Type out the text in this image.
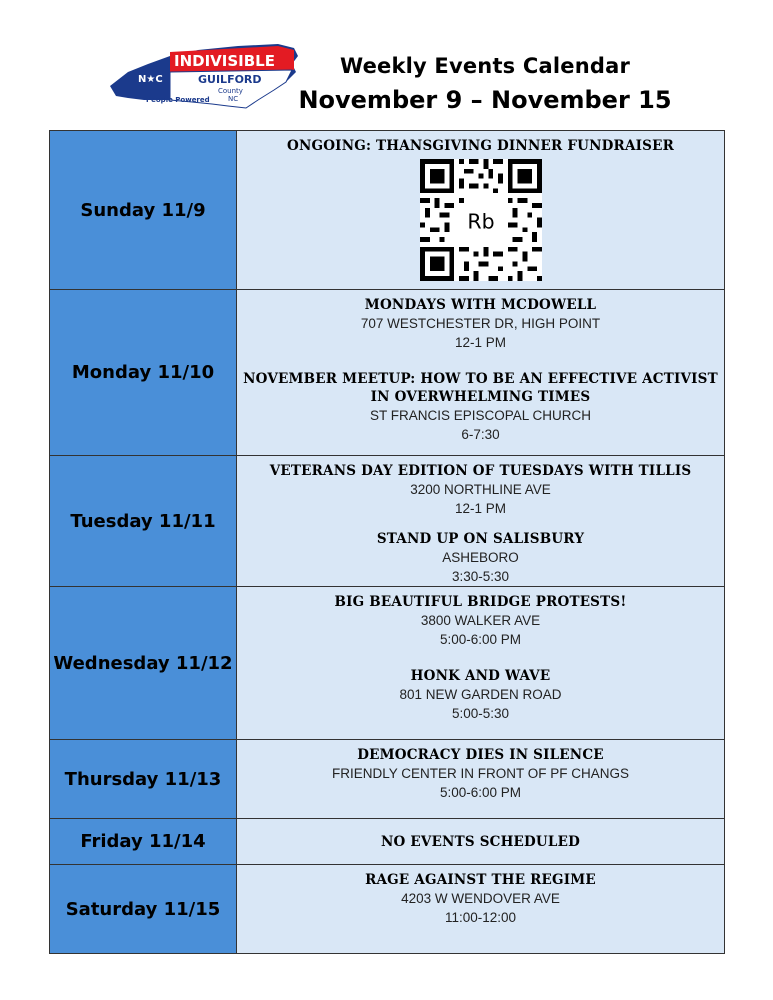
N★C
INDIVISIBLE
GUILFORD
County
NC
People Powered
Weekly Events Calendar
November 9 – November 15
Sunday 11/9
ONGOING: THANSGIVING DINNER FUNDRAISER
Rb
Monday 11/10
MONDAYS WITH MCDOWELL
707 WESTCHESTER DR, HIGH POINT
12-1 PM
NOVEMBER MEETUP: HOW TO BE AN EFFECTIVE ACTIVIST
IN OVERWHELMING TIMES
ST FRANCIS EPISCOPAL CHURCH
6-7:30
Tuesday 11/11
VETERANS DAY EDITION OF TUESDAYS WITH TILLIS
3200 NORTHLINE AVE
12-1 PM
STAND UP ON SALISBURY
ASHEBORO
3:30-5:30
Wednesday 11/12
BIG BEAUTIFUL BRIDGE PROTESTS!
3800 WALKER AVE
5:00-6:00 PM
HONK AND WAVE
801 NEW GARDEN ROAD
5:00-5:30
Thursday 11/13
DEMOCRACY DIES IN SILENCE
FRIENDLY CENTER IN FRONT OF PF CHANGS
5:00-6:00 PM
Friday 11/14	NO EVENTS SCHEDULED
Saturday 11/15
RAGE AGAINST THE REGIME
4203 W WENDOVER AVE
11:00-12:00
